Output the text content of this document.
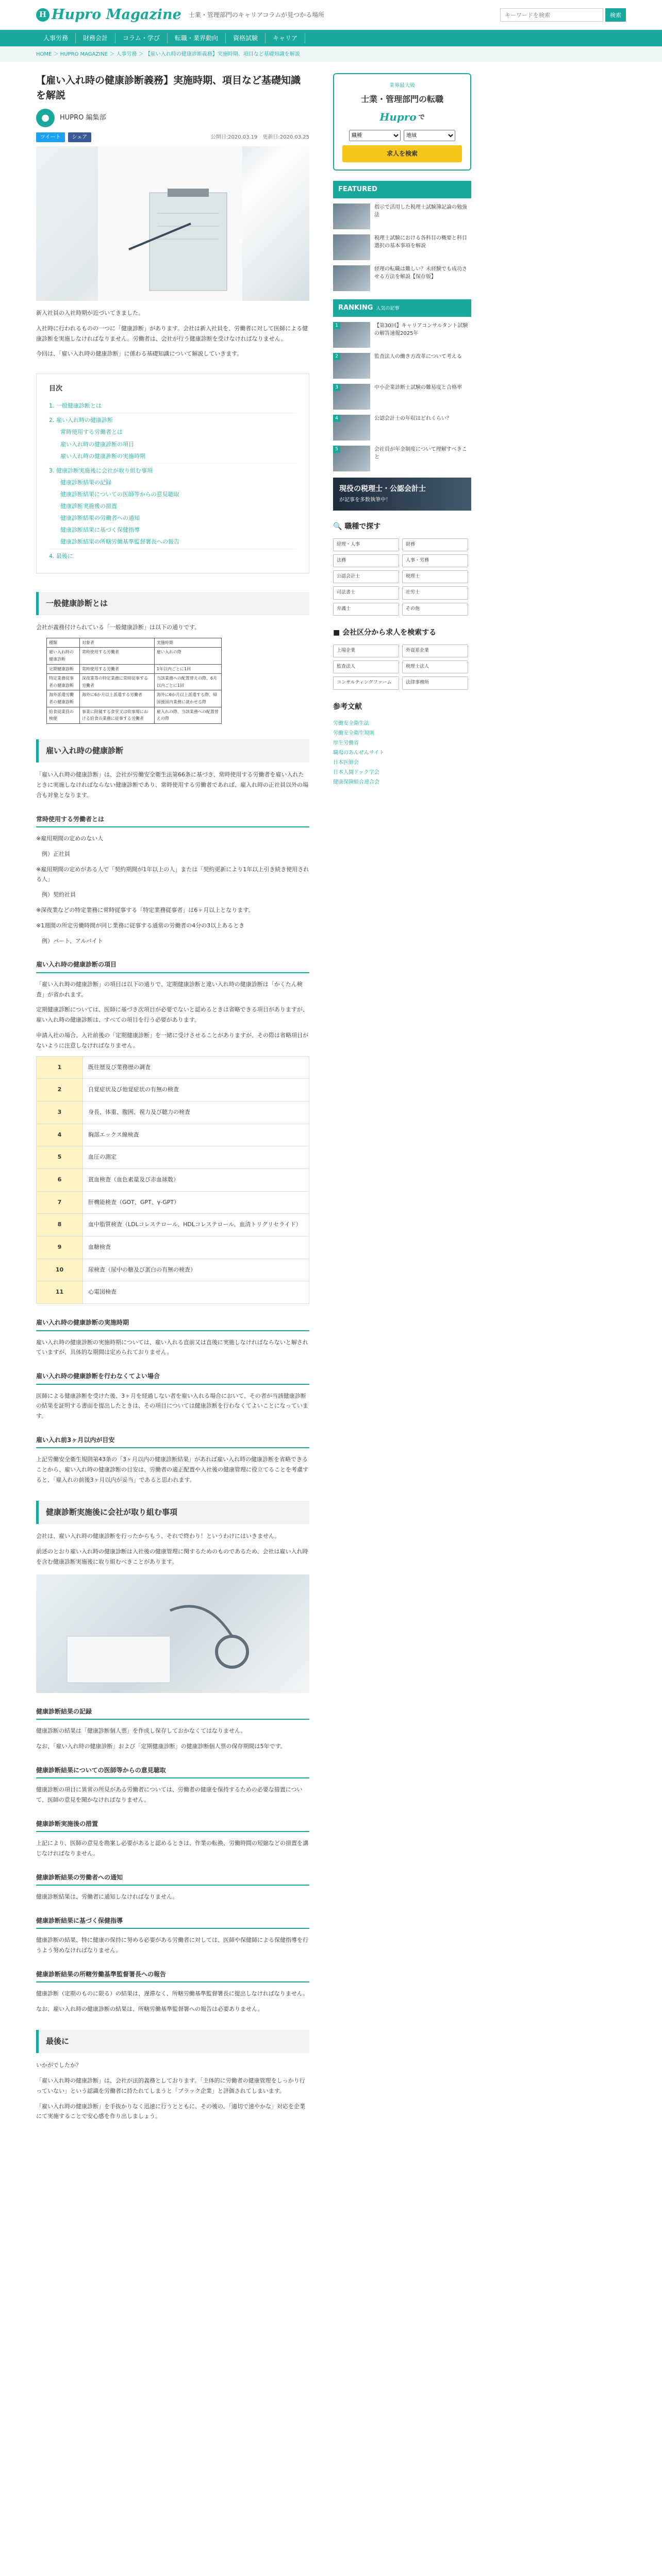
H Hupro Magazine 士業・管理部門のキャリアコラムが見つかる場所
キーワードを検索	検索
人事労務	財務会計	コラム・学び	転職・業界動向	資格試験	キャリア
HOME ＞ HUPRO MAGAZINE ＞ 人事労務 ＞ 【雇い入れ時の健康診断義務】実施時期、項目など基礎知識を解説
【雇い入れ時の健康診断義務】実施時期、項目など基礎知識を解説
●	HUPRO 編集部
ツイート	シェア	公開日:2020.03.19　更新日:2020.03.25

新入社員の入社時期が近づいてきました。

入社時に行われるものの一つに「健康診断」があります。会社は新入社員を、労働者に対して医師による健康診断を実施しなければなりません。労働者は、会社が行う健康診断を受けなければなりません。

今回は、「雇い入れ時の健康診断」に係わる基礎知識について解説していきます。

目次
1. 一般健康診断とは
2. 雇い入れ時の健康診断
常時使用する労働者とは
雇い入れ時の健康診断の項目
雇い入れ時の健康診断の実施時期
3. 健康診断実施後に会社が取り組む事項
健康診断結果の記録
健康診断結果についての医師等からの意見聴取
健康診断実施後の措置
健康診断結果の労働者への通知
健康診断結果に基づく保健指導
健康診断結果の所轄労働基準監督署長への報告
4. 最後に
一般健康診断とは

会社が義務付けられている「一般健康診断」は以下の通りです。

種類	対象者	実施時期
雇い入れ時の健康診断	常時使用する労働者	雇い入れの際
定期健康診断	常時使用する労働者	1年以内ごとに1回
特定業務従事者の健康診断	深夜業等の特定業務に常時従事する労働者	当該業務への配置替えの際、6月以内ごとに1回
海外派遣労働者の健康診断	海外に6か月以上派遣する労働者	海外に6か月以上派遣する際、帰国後国内業務に就かせる際
給食従業員の検便	事業に附属する食堂又は炊事場における給食の業務に従事する労働者	雇入れの際、当該業務への配置替えの際
雇い入れ時の健康診断

「雇い入れ時の健康診断」は、会社が労働安全衛生法第66条に基づき、常時使用する労働者を雇い入れたときに実施しなければならない健康診断であり、常時使用する労働者であれば、雇入れ時の正社員以外の場合も対象となります。

常時使用する労働者とは

※雇用期間の定めのない人

　例）正社員

※雇用期間の定めがある人で「契約期間が1年以上の人」または「契約更新により1年以上引き続き使用される人」

　例）契約社員

※深夜業などの特定業務に常時従事する「特定業務従事者」は6ヶ月以上となります。

※1週間の所定労働時間が同じ業務に従事する通常の労働者の4分の3以上あるとき

　例）パート、アルバイト

雇い入れ時の健康診断の項目

「雇い入れ時の健康診断」の項目は以下の通りで、定期健康診断と違い入れ時の健康診断は「かくたん検査」が省かれます。

定期健康診断については、医師に基づき次項目が必要でないと認めるときは省略できる項目がありますが、雇い入れ時の健康診断は、すべての項目を行う必要があります。

申請入社の場合、入社前後の「定期健康診断」を一緒に受けさせることがありますが、その際は省略項目がないように注意しなければなりません。

1	既往歴及び業務歴の調査
2	自覚症状及び他覚症状の有無の検査
3	身長、体重、腹囲、視力及び聴力の検査
4	胸部エックス線検査
5	血圧の測定
6	貧血検査（血色素量及び赤血球数）
7	肝機能検査（GOT、GPT、γ-GPT）
8	血中脂質検査（LDLコレステロール、HDLコレステロール、血清トリグリセライド）
9	血糖検査
10	尿検査（尿中の糖及び蛋白の有無の検査）
11	心電図検査
雇い入れ時の健康診断の実施時期

雇い入れ時の健康診断の実施時期については、雇い入れる直前又は直後に実施しなければならないと解されていますが、具体的な期間は定められておりません。

雇い入れ時の健康診断を行わなくてよい場合

医師による健康診断を受けた後、3ヶ月を経過しない者を雇い入れる場合において、その者が当該健康診断の結果を証明する書面を提出したときは、その項目については健康診断を行わなくてよいことになっています。

雇い入れ前3ヶ月以内が目安

上記労働安全衛生規則第43条の「3ヶ月以内の健康診断結果」があれば雇い入れ時の健康診断を省略できることから、雇い入れ時の健康診断の目安は、労働者の適正配置や入社後の健康管理に役立てることを考慮すると、「雇入れの前後3ヶ月以内が妥当」であると思われます。

健康診断実施後に会社が取り組む事項

会社は、雇い入れ時の健康診断を行ったからもう、それで終わり！というわけにはいきません。

前述のとおり雇い入れ時の健康診断は入社後の健康管理に関するためのものであるため、会社は雇い入れ時を含む健康診断実施後に取り組むべきことがあります。

健康診断結果の記録

健康診断の結果は「健康診断個人票」を作成し保存しておかなくてはなりません。

なお、「雇い入れ時の健康診断」および「定期健康診断」の健康診断個人票の保存期間は5年です。

健康診断結果についての医師等からの意見聴取

健康診断の項目に異常の所見がある労働者については、労働者の健康を保持するための必要な措置について、医師の意見を聞かなければなりません。

健康診断実施後の措置

上記により、医師の意見を勘案し必要があると認めるときは、作業の転換、労働時間の短縮などの措置を講じなければなりません。

健康診断結果の労働者への通知

健康診断結果は、労働者に通知しなければなりません。

健康診断結果に基づく保健指導

健康診断の結果、特に健康の保持に努める必要がある労働者に対しては、医師や保健師による保健指導を行うよう努めなければなりません。

健康診断結果の所轄労働基準監督署長への報告

健康診断（定期のものに限る）の結果は、遅滞なく、所轄労働基準監督署長に提出しなければなりません。

なお、雇い入れ時の健康診断の結果は、所轄労働基準監督署への報告は必要ありません。

最後に

いかがでしたか？

「雇い入れ時の健康診断」は、会社が法的義務としております。「主体的に労働者の健康管理をしっかり行っていない」という認識を労働者に持たれてしまうと「ブラック企業」と評価されてしまいます。

「雇い入れ時の健康診断」を手抜かりなく迅速に行うとともに、その後の、「適切で速やかな」対応を企業にて実施することで安心感を作り出しましょう。

業界最大級
士業・管理部門の転職
Hupro で
職種
地域
求人を検索
FEATURED
指示で活用した税理士試験簿記論の勉強法
税理士試験における各科目の概要と科目選択の基本事項を解説
経理の転職は難しい？未経験でも成功させる方法を解説【保存版】
RANKING 人気の記事
1	【第30回】キャリアコンサルタント試験の解答速報2025年
2	監査法人の働き方改革について考える
3	中小企業診断士試験の難易度と合格率
4	公認会計士の年収はどれくらい？
5	会社員が年金制度について理解すべきこと
現役の税理士・公認会計士
が記事を多数執筆中！
🔍 職種で探す
経理・人事	財務
法務	人事・労務
公認会計士	税理士
司法書士	社労士
弁護士	その他
■ 会社区分から求人を検索する
上場企業	外資系企業
監査法人	税理士法人
コンサルティングファーム	法律事務所
参考文献
労働安全衛生法
労働安全衛生規則
厚生労働省
職場のあんぜんサイト
日本医師会
日本人間ドック学会
健康保険組合連合会
